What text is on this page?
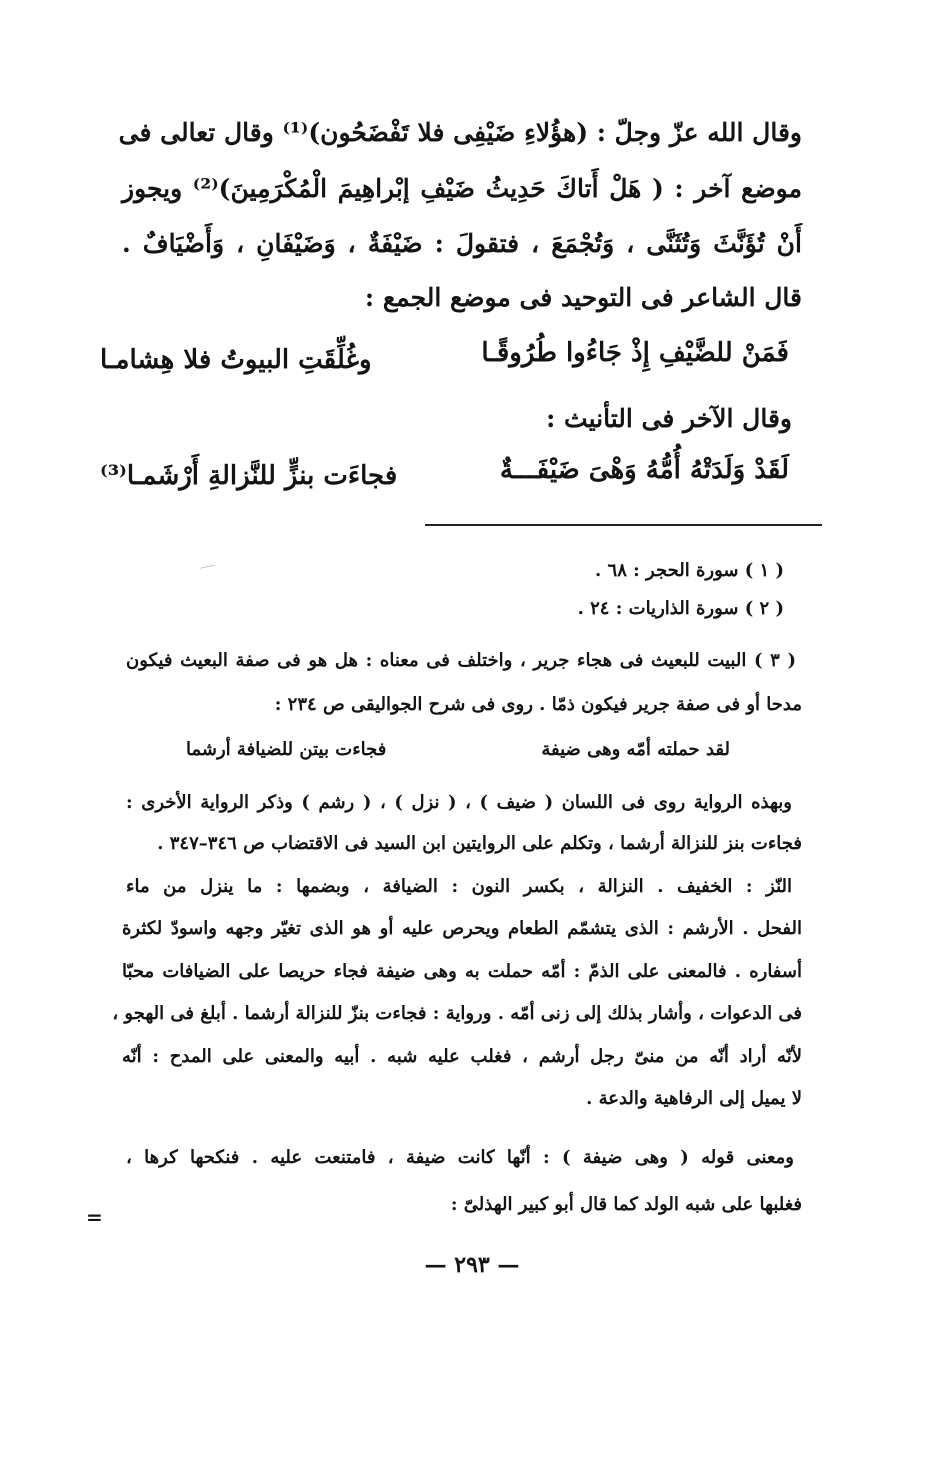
وقال الله عزّ وجلّ : (هؤُلاءِ ضَيْفِى فلا تَفْضَحُون)⁽¹⁾ وقال تعالى فى
موضع آخر : ( هَلْ أَتاكَ حَدِيثُ ضَيْفِ إبْراهِيمَ الْمُكْرَمِينَ)⁽²⁾ ويجوز
أَنْ تُؤَنَّثَ وَتُثَنَّى ، وَتُجْمَعَ ، فتقولَ : ضَيْفَةٌ ، وَضَيْفَانِ ، وَأَضْيَافٌ .
قال الشاعر فى التوحيد فى موضع الجمع :
فَمَنْ للضَّيْفِ إِذْ جَاءُوا طُرُوقًـا
وغُلِّقَتِ البيوتُ فلا هِشامـا
وقال الآخر فى التأنيث :
لَقَدْ وَلَدَتْهُ أُمُّهُ وَهْىَ ضَيْفَـــةٌ
فجاءَت بنزٍّ للنَّزالةِ أَرْشَمـا⁽³⁾
( ١ ) سورة الحجر : ٦٨ .
( ٢ ) سورة الذاريات : ٢٤ .
( ٣ ) البيت للبعيث فى هجاء جرير ، واختلف فى معناه : هل هو فى صفة البعيث فيكون
مدحا أو فى صفة جرير فيكون ذمّا . روى فى شرح الجواليقى ص ٢٣٤ :
لقد حملته أمّه وهى ضيفة
فجاءت بيتن للضيافة أرشما
وبهذه الرواية روى فى اللسان ( ضيف ) ، ( نزل ) ، ( رشم ) وذكر الرواية الأخرى :
فجاءت بنز للنزالة أرشما ، وتكلم على الروايتين ابن السيد فى الاقتضاب ص ٣٤٦–٣٤٧ .
النّز : الخفيف . النزالة ، بكسر النون : الضيافة ، وبضمها : ما ينزل من ماء
الفحل . الأرشم : الذى يتشمّم الطعام ويحرص عليه أو هو الذى تغيّر وجهه واسودّ لكثرة
أسفاره . فالمعنى على الذمّ : أمّه حملت به وهى ضيفة فجاء حريصا على الضيافات محبّا
فى الدعوات ، وأشار بذلك إلى زنى أمّه . ورواية : فجاءت بنزّ للنزالة أرشما . أبلغ فى الهجو ،
لأنّه أراد أنّه من منىّ رجل أرشم ، فغلب عليه شبه . أبيه والمعنى على المدح : أنّه
لا يميل إلى الرفاهية والدعة .
ومعنى قوله ( وهى ضيفة ) : أنّها كانت ضيفة ، فامتنعت عليه . فنكحها كرها ،
فغلبها على شبه الولد كما قال أبو كبير الهذلىّ :
=
— ٢٩٣ —
